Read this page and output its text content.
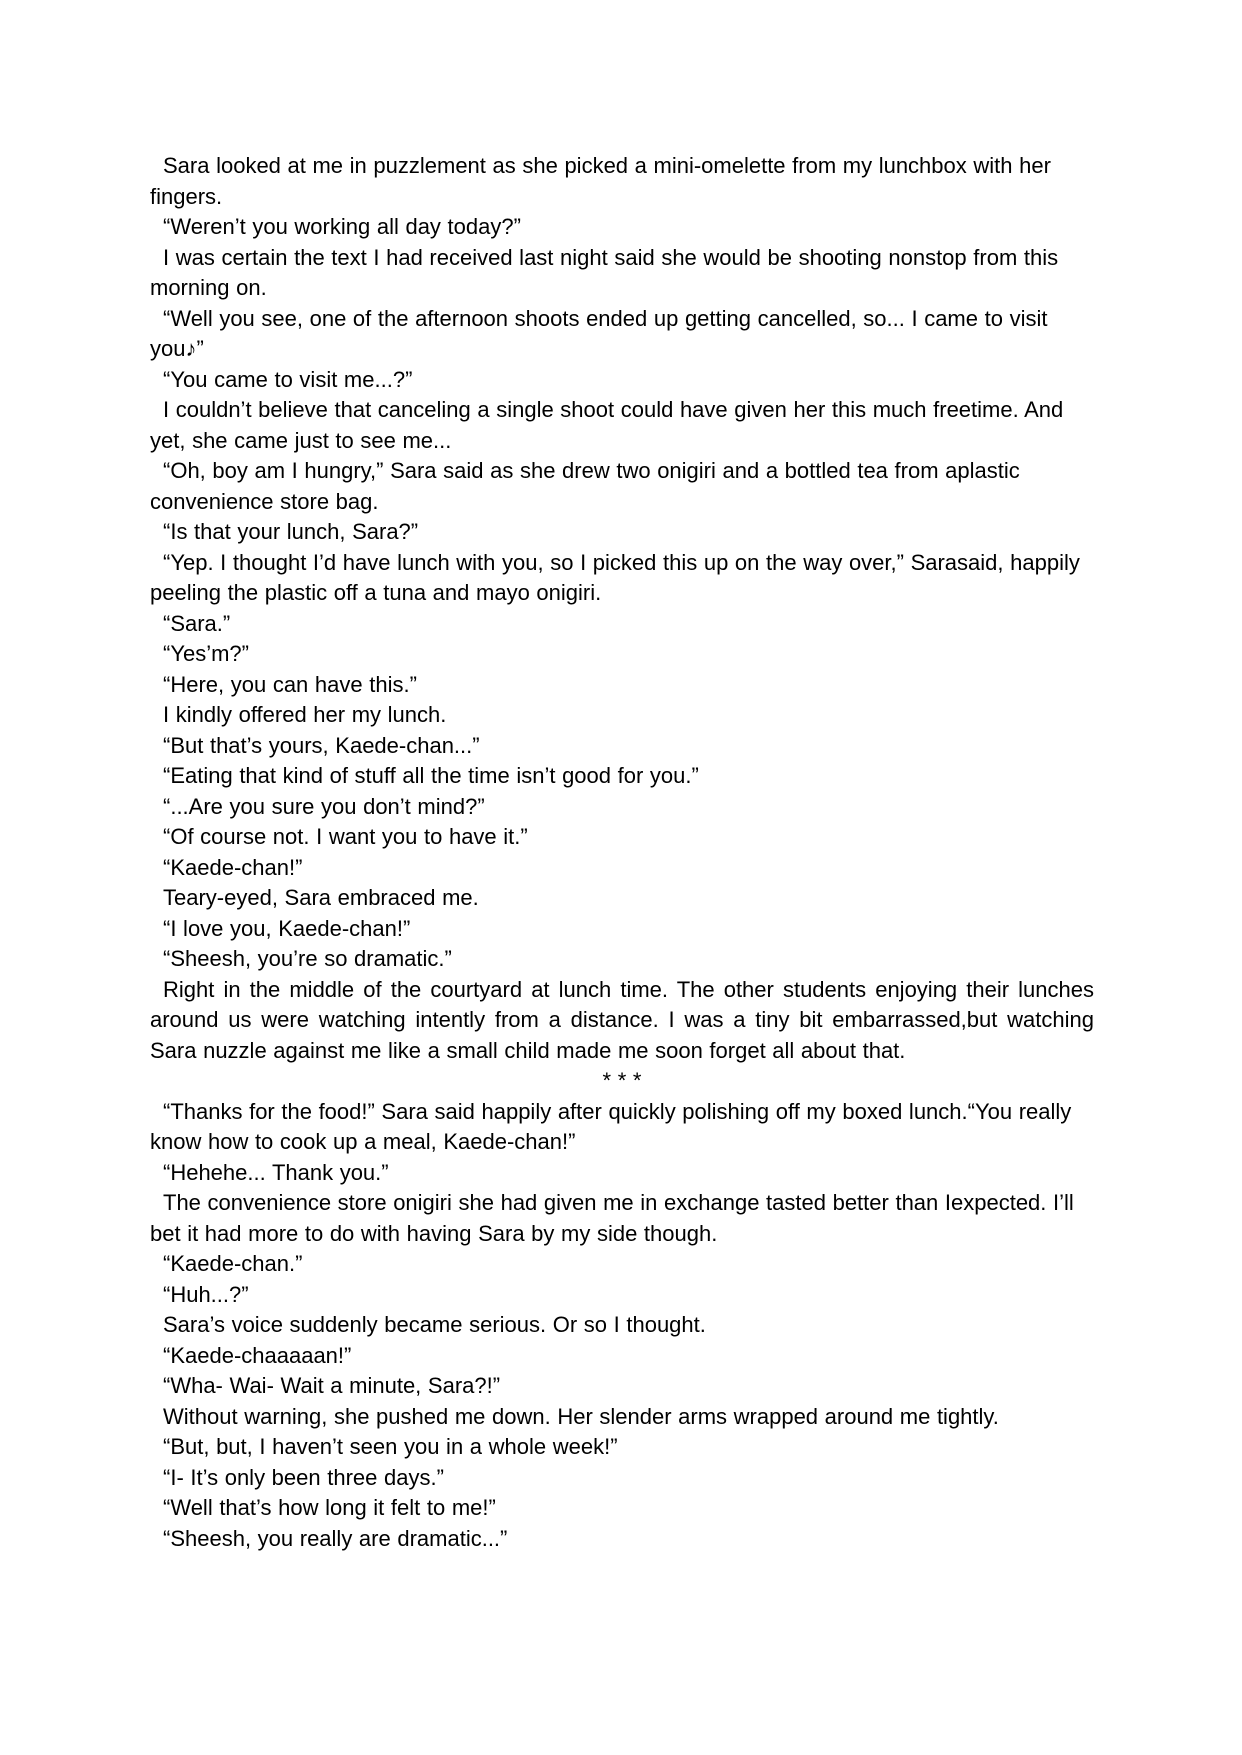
Sara looked at me in puzzlement as she picked a mini-omelette from my lunchbox with her fingers.

“Weren’t you working all day today?”

I was certain the text I had received last night said she would be shooting nonstop from this morning on.

“Well you see, one of the afternoon shoots ended up getting cancelled, so... I came to visit you♪”

“You came to visit me...?”

I couldn’t believe that canceling a single shoot could have given her this much freetime. And yet, she came just to see me...

“Oh, boy am I hungry,” Sara said as she drew two onigiri and a bottled tea from aplastic convenience store bag.

“Is that your lunch, Sara?”

“Yep. I thought I’d have lunch with you, so I picked this up on the way over,” Sarasaid, happily peeling the plastic off a tuna and mayo onigiri.

“Sara.”

“Yes’m?”

“Here, you can have this.”

I kindly offered her my lunch.

“But that’s yours, Kaede-chan...”

“Eating that kind of stuff all the time isn’t good for you.”

“...Are you sure you don’t mind?”

“Of course not. I want you to have it.”

“Kaede-chan!”

Teary-eyed, Sara embraced me.

“I love you, Kaede-chan!”

“Sheesh, you’re so dramatic.”

Right in the middle of the courtyard at lunch time. The other students enjoying their lunches around us were watching intently from a distance. I was a tiny bit embarrassed,but watching Sara nuzzle against me like a small child made me soon forget all about that.

* * *

“Thanks for the food!” Sara said happily after quickly polishing off my boxed lunch.“You really know how to cook up a meal, Kaede-chan!”

“Hehehe... Thank you.”

The convenience store onigiri she had given me in exchange tasted better than Iexpected. I’ll bet it had more to do with having Sara by my side though.

“Kaede-chan.”

“Huh...?”

Sara’s voice suddenly became serious. Or so I thought.

“Kaede-chaaaaan!”

“Wha- Wai- Wait a minute, Sara?!”

Without warning, she pushed me down. Her slender arms wrapped around me tightly.

“But, but, I haven’t seen you in a whole week!”

“I- It’s only been three days.”

“Well that’s how long it felt to me!”

“Sheesh, you really are dramatic...”
